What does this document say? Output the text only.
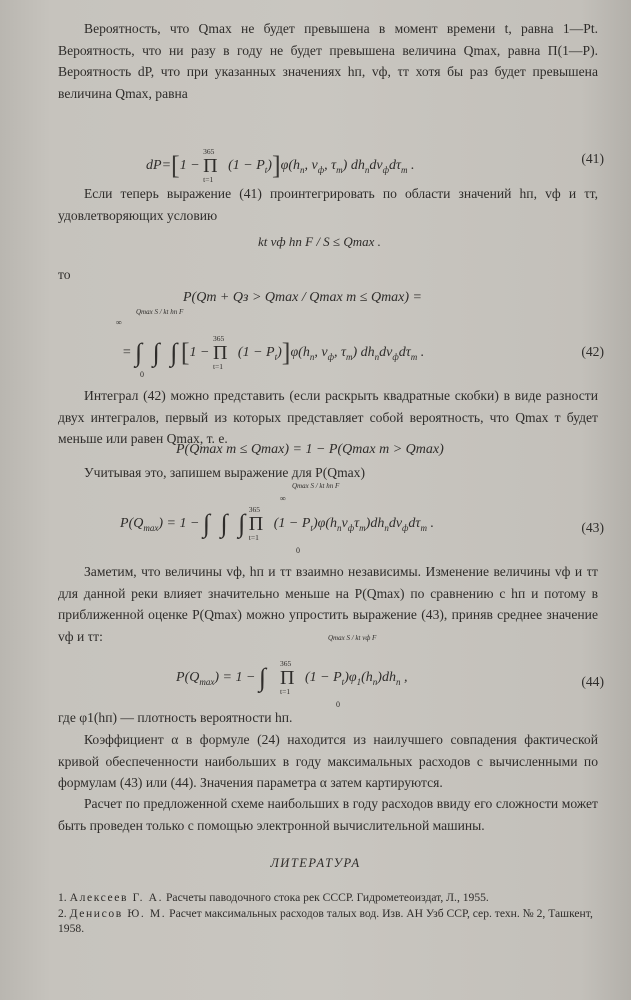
Вероятность, что Qmax не будет превышена в момент времени t, равна 1—Pt. Вероятность, что ни разу в году не будет превышена величина Qmax, равна Π(1—P). Вероятность dP, что при указанных значениях hп, vф, τт хотя бы раз будет превышена величина Qmax, равна
dP=[1 − Π
365
t=1
$(1 - P_t)]\varphi(h_п$, $v_ф$, $\tau_т$) $dh_пdv_фd\tau_т$ .	(41)
Если теперь выражение (41) проинтегрировать по области значений hп, vф и τт, удовлетворяющих условию
kt vф hп F / S ≤ Qmax .
то
P(Qт + Qз > Qmax / Qmax т ≤ Qmax) =
Qmax S / kt hп F
∞
= ∫ ∫ ∫ [1 − Π
365
t=1
$(1 - P_t)]\varphi(h_п$, $v_ф$, $\tau_т$) $dh_пdv_фd\tau_т$ .
0
(42)
Интеграл (42) можно представить (если раскрыть квадратные скобки) в виде разности двух интегралов, первый из которых представляет собой вероятность, что Qmax т будет меньше или равен Qmax, т. е.
P(Qmax т ≤ Qmax) = 1 − P(Qmax т > Qmax)
Учитывая это, запишем выражение для P(Qmax)
Qmax S / kt hп F
∞
$P(Q_{max}) = 1$ − ∫ ∫ ∫ Π
365
t=1
$(1 - P_t)\varphi(h_пv_ф\tau_т)dh_пdv_фd\tau_т$ .
0
(43)
Заметим, что величины vф, hп и τт взаимно независимы. Изменение величины vф и τт для данной реки влияет значительно меньше на P(Qmax) по сравнению с hп и потому в приближенной оценке P(Qmax) можно упростить выражение (43), приняв среднее значение vф и τт:	Qmax S / kt vф F
$P(Q_{max}) = 1$ − ∫ Π
365
t=1
$(1 - P_t)\varphi_1(h_п)dh_п$ ,
0
(44)
где φ1(hп) — плотность вероятности hп.
Коэффициент α в формуле (24) находится из наилучшего совпадения фактической кривой обеспеченности наибольших в году максимальных расходов с вычисленными по формулам (43) или (44). Значения параметра α затем картируются.
Расчет по предложенной схеме наибольших в году расходов ввиду его сложности может быть проведен только с помощью электронной вычислительной машины.
ЛИТЕРАТУРА
1. Алексеев Г. А. Расчеты паводочного стока рек СССР. Гидрометеоиздат, Л., 1955.
2. Денисов Ю. М. Расчет максимальных расходов талых вод. Изв. АН Узб ССР, сер. техн. № 2, Ташкент, 1958.
